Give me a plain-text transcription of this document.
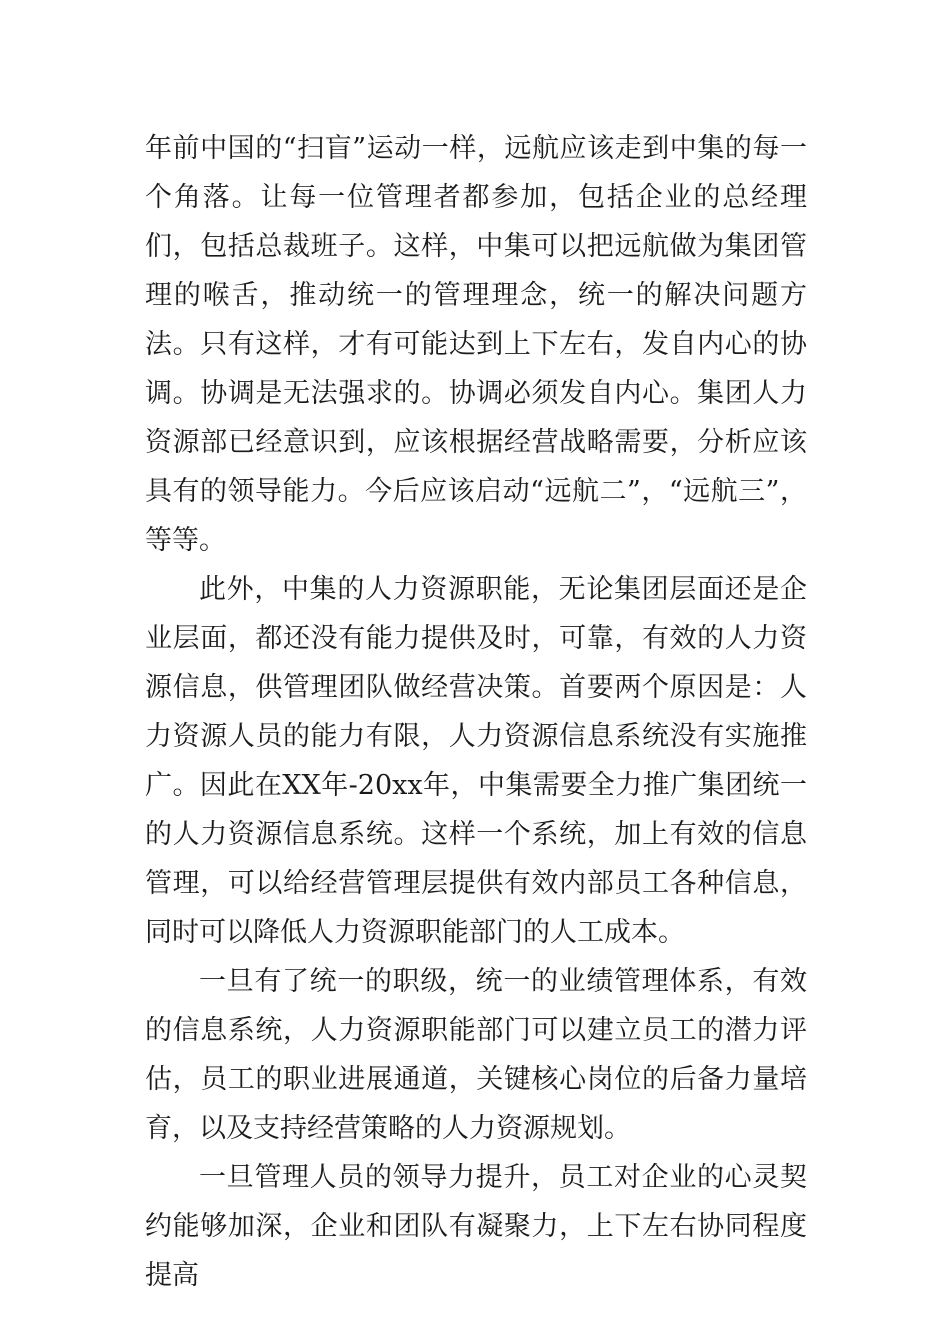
年前中国的“扫盲”运动一样，远航应该走到中集的每一个角落。让每一位管理者都参加，包括企业的总经理们，包括总裁班子。这样，中集可以把远航做为集团管理的喉舌，推动统一的管理理念，统一的解决问题方法。只有这样，才有可能达到上下左右，发自内心的协调。协调是无法强求的。协调必须发自内心。集团人力资源部已经意识到，应该根据经营战略需要，分析应该具有的领导能力。今后应该启动“远航二”，“远航三”，等等。

此外，中集的人力资源职能，无论集团层面还是企业层面，都还没有能力提供及时，可靠，有效的人力资源信息，供管理团队做经营决策。首要两个原因是：人力资源人员的能力有限，人力资源信息系统没有实施推广。因此在XX年-20xx年，中集需要全力推广集团统一的人力资源信息系统。这样一个系统，加上有效的信息管理，可以给经营管理层提供有效内部员工各种信息，同时可以降低人力资源职能部门的人工成本。

一旦有了统一的职级，统一的业绩管理体系，有效的信息系统，人力资源职能部门可以建立员工的潜力评估，员工的职业进展通道，关键核心岗位的后备力量培育，以及支持经营策略的人力资源规划。

一旦管理人员的领导力提升，员工对企业的心灵契约能够加深，企业和团队有凝聚力，上下左右协同程度提高
